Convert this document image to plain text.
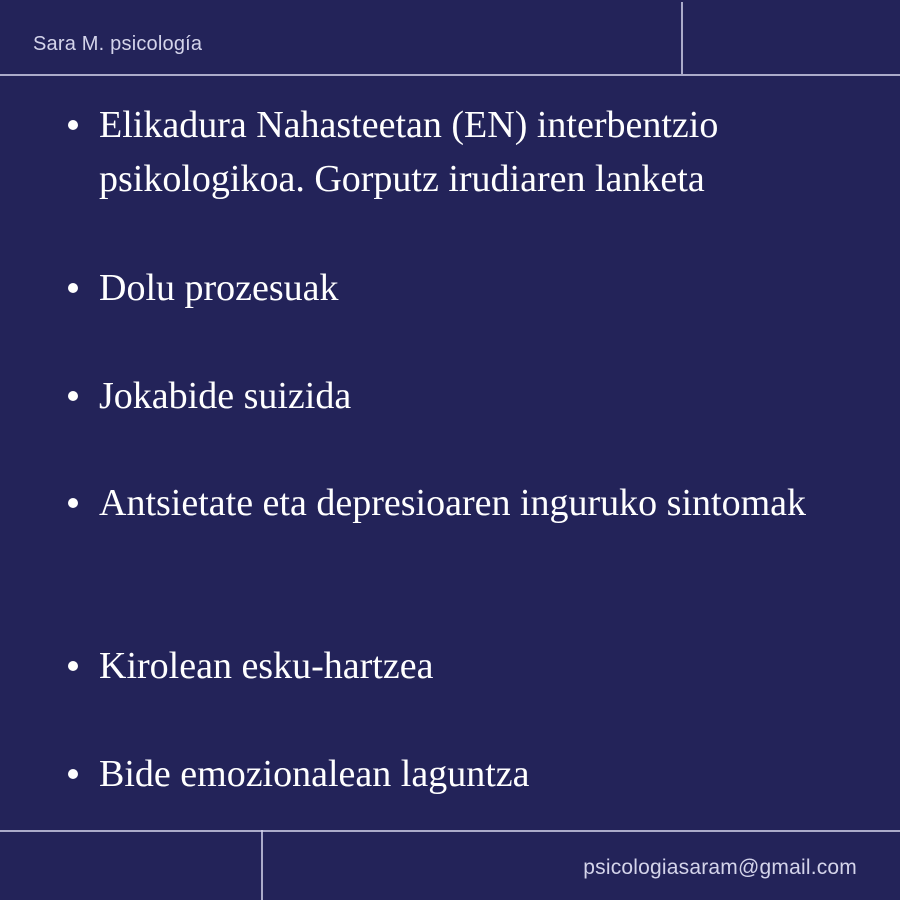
Sara M. psicología
Elikadura Nahasteetan (EN) interbentzio psikologikoa. Gorputz irudiaren lanketa
Dolu prozesuak
Jokabide suizida
Antsietate eta depresioaren inguruko sintomak
Kirolean esku-hartzea
Bide emozionalean laguntza
psicologiasaram@gmail.com
